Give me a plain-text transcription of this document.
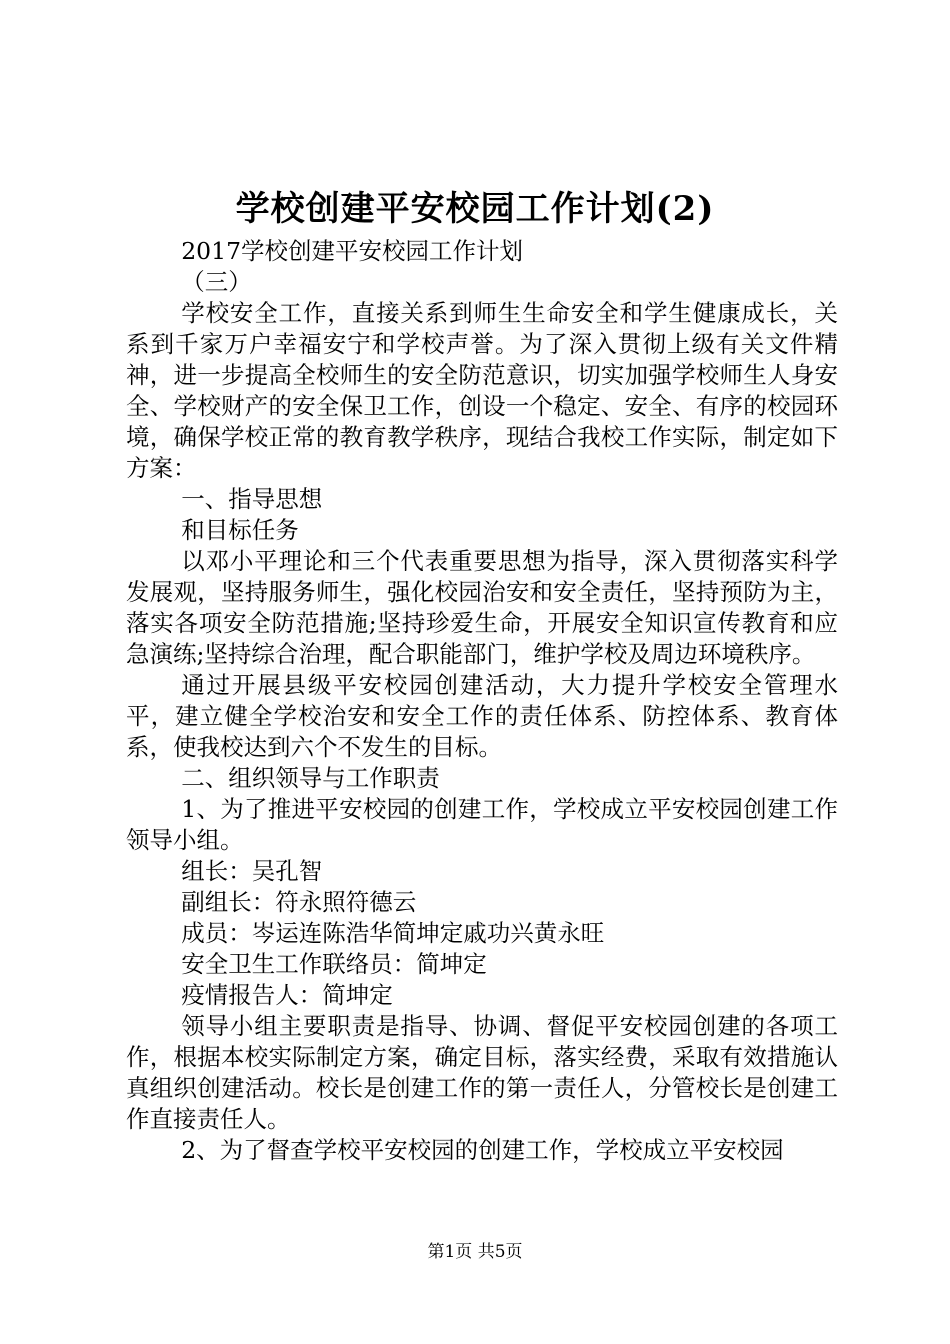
学校创建平安校园工作计划(2)

2017学校创建平安校园工作计划

（三）

学校安全工作，直接关系到师生生命安全和学生健康成长，关系到千家万户幸福安宁和学校声誉。为了深入贯彻上级有关文件精神，进一步提高全校师生的安全防范意识，切实加强学校师生人身安全、学校财产的安全保卫工作，创设一个稳定、安全、有序的校园环境，确保学校正常的教育教学秩序，现结合我校工作实际，制定如下方案：

一、指导思想

和目标任务

以邓小平理论和三个代表重要思想为指导，深入贯彻落实科学发展观，坚持服务师生，强化校园治安和安全责任，坚持预防为主，落实各项安全防范措施;坚持珍爱生命，开展安全知识宣传教育和应急演练;坚持综合治理，配合职能部门，维护学校及周边环境秩序。

通过开展县级平安校园创建活动，大力提升学校安全管理水平，建立健全学校治安和安全工作的责任体系、防控体系、教育体系，使我校达到六个不发生的目标。

二、组织领导与工作职责

1、为了推进平安校园的创建工作，学校成立平安校园创建工作领导小组。

组长：吴孔智

副组长：符永照符德云

成员：岑运连陈浩华简坤定戚功兴黄永旺

安全卫生工作联络员：简坤定

疫情报告人：简坤定

领导小组主要职责是指导、协调、督促平安校园创建的各项工作，根据本校实际制定方案，确定目标，落实经费，采取有效措施认真组织创建活动。校长是创建工作的第一责任人，分管校长是创建工作直接责任人。

2、为了督查学校平安校园的创建工作，学校成立平安校园

第1页 共5页
